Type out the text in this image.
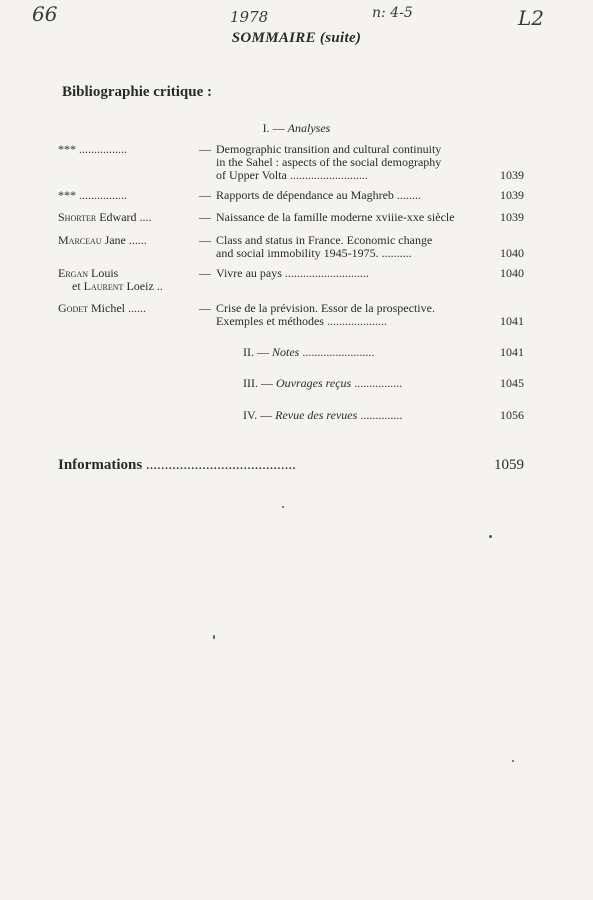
66	1978	n: 4-5	L2
SOMMAIRE (suite)
Bibliographie critique :
I. — Analyses
*** ................	— Demographic transition and cultural continuity
in the Sahel : aspects of the social demography
of Upper Volta ..........................	1039
*** ................	— Rapports de dépendance au Maghreb ........	1039
Shorter Edward ....	— Naissance de la famille moderne xviiie-xxe siècle	1039
Marceau Jane ......	— Class and status in France. Economic change
and social immobility 1945-1975. ..........	1040
Ergan Louis
et Laurent Loeiz ..
— Vivre au pays ............................	1040
Godet Michel ......	— Crise de la prévision. Essor de la prospective.
Exemples et méthodes ....................	1041
II. — Notes ........................	1041
III. — Ouvrages reçus ................	1045
IV. — Revue des revues ..............	1056
Informations ........................................	1059
